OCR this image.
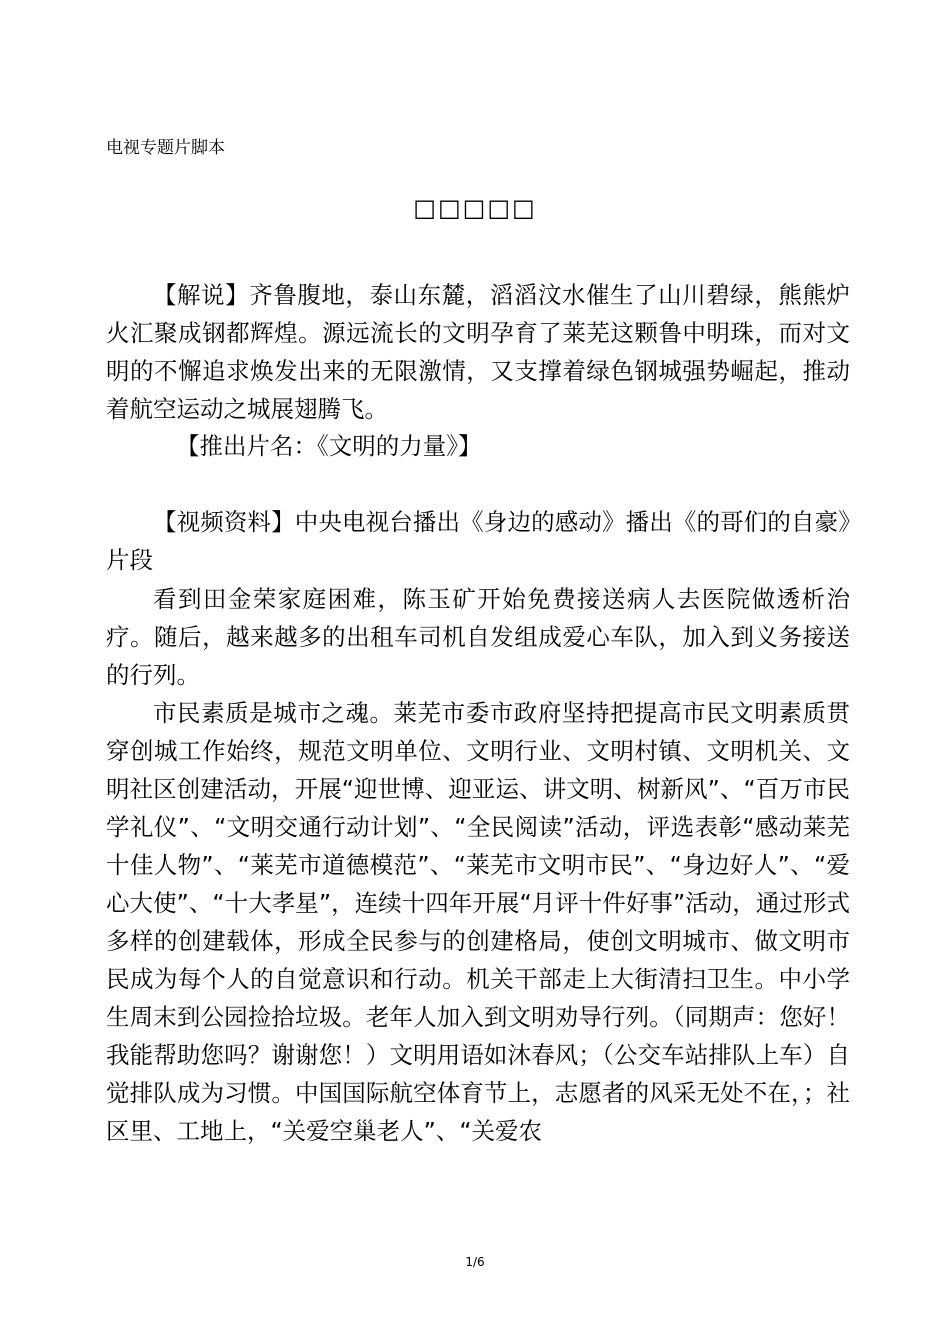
电视专题片脚本

□□□□□

【解说】齐鲁腹地，泰山东麓，滔滔汶水催生了山川碧绿，熊熊炉火汇聚成钢都辉煌。源远流长的文明孕育了莱芜这颗鲁中明珠，而对文明的不懈追求焕发出来的无限激情，又支撑着绿色钢城强势崛起，推动着航空运动之城展翅腾飞。

【推出片名：《文明的力量》】

【视频资料】中央电视台播出《身边的感动》播出《的哥们的自豪》片段

看到田金荣家庭困难，陈玉矿开始免费接送病人去医院做透析治疗。随后，越来越多的出租车司机自发组成爱心车队，加入到义务接送的行列。

市民素质是城市之魂。莱芜市委市政府坚持把提高市民文明素质贯穿创城工作始终，规范文明单位、文明行业、文明村镇、文明机关、文明社区创建活动，开展“迎世博、迎亚运、讲文明、树新风”、“百万市民学礼仪”、“文明交通行动计划”、“全民阅读”活动，评选表彰“感动莱芜十佳人物”、“莱芜市道德模范”、“莱芜市文明市民”、“身边好人”、“爱心大使”、“十大孝星”，连续十四年开展“月评十件好事”活动，通过形式多样的创建载体，形成全民参与的创建格局，使创文明城市、做文明市民成为每个人的自觉意识和行动。机关干部走上大街清扫卫生。中小学生周末到公园捡拾垃圾。老年人加入到文明劝导行列。（同期声：您好！我能帮助您吗？谢谢您！）文明用语如沐春风；（公交车站排队上车）自觉排队成为习惯。中国国际航空体育节上，志愿者的风采无处不在，；社区里、工地上，“关爱空巢老人”、“关爱农

1/6
